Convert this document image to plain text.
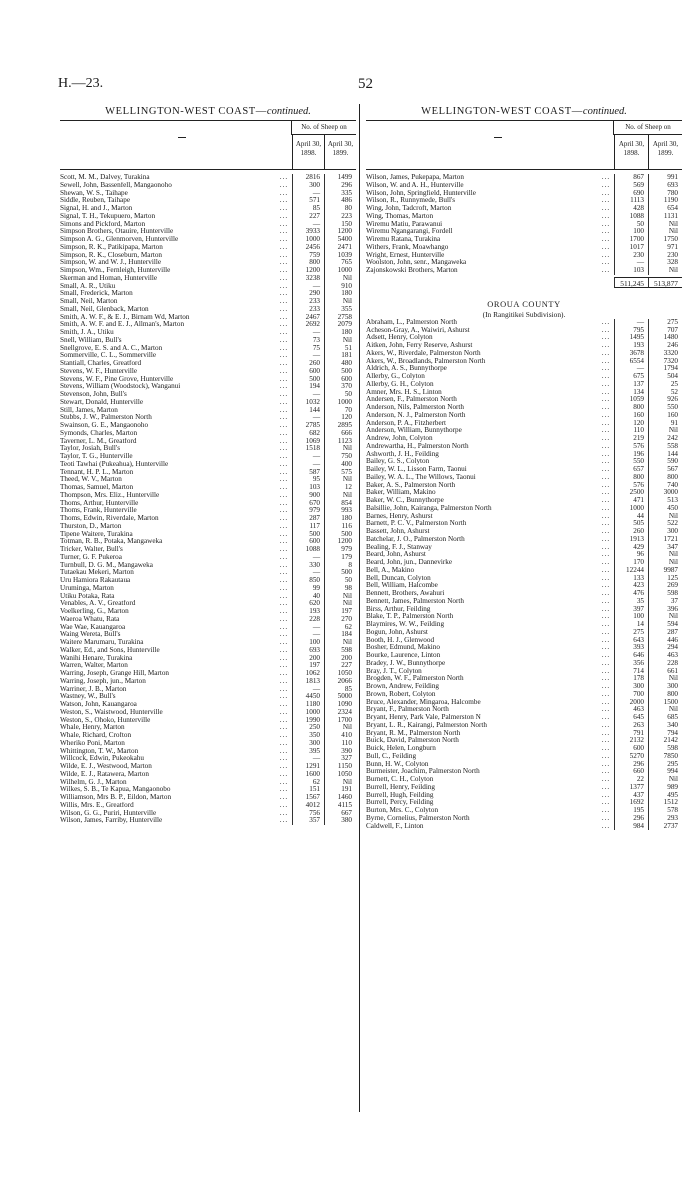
H.—23.	52
WELLINGTON-WEST COAST—continued.
No. of Sheep on
April 30, 1898.
April 30, 1899.
Scott, M. M., Dalvey, Turakina	...	2816	1499
Sewell, John, Bassenfell, Mangaonoho	...	300	296
Shewan, W. S., Taihape	...	—	335
Siddle, Reuben, Taihape	...	571	486
Signal, H. and J., Marton	...	85	80
Signal, T. H., Tekupuero, Marton	...	227	223
Simons and Pickford, Marton	...	—	150
Simpson Brothers, Otauire, Hunterville	...	3933	1200
Simpson A. G., Glenmorven, Hunterville	...	1000	5400
Simpson, R. K., Patikipapa, Marton	...	2456	2471
Simpson, R. K., Closeburn, Marton	...	759	1039
Simpson, W. and W. J., Hunterville	...	800	765
Simpson, Wm., Fernleigh, Hunterville	...	1200	1000
Skerman and Homan, Hunterville	...	3238	Nil
Small, A. R., Utiku	...	—	910
Small, Frederick, Marton	...	290	180
Small, Neil, Marton	...	233	Nil
Small, Neil, Glenback, Marton	...	233	355
Smith, A. W. F., & E. J., Birnam Wd, Marton	...	2467	2758
Smith, A. W. F. and E. J., Allman's, Marton	...	2692	2079
Smith, J. A., Utiku	...	—	180
Snell, William, Bull's	...	73	Nil
Snellgrove, E. S. and A. C., Marton	...	75	51
Sommerville, C. L., Sommerville	...	—	181
Stantiall, Charles, Greatford	...	260	480
Stevens, W. F., Hunterville	...	600	500
Stevens, W. F., Pine Grove, Hunterville	...	500	600
Stevens, William (Woodstock), Wanganui	...	194	370
Stevenson, John, Bull's	...	—	50
Stewart, Donald, Hunterville	...	1032	1000
Still, James, Marton	...	144	70
Stubbs, J. W., Palmerston North	...	—	120
Swainson, G. E., Mangaonoho	...	2785	2895
Symonds, Charles, Marton	...	682	666
Taverner, L. M., Greatford	...	1069	1123
Taylor, Josiah, Bull's	...	1518	Nil
Taylor, T. G., Hunterville	...	—	750
Teoti Tawhai (Pukeahua), Hunterville	...	—	400
Tennant, H. P. L., Marton	...	587	575
Theed, W. V., Marton	...	95	Nil
Thomas, Samuel, Marton	...	103	12
Thompson, Mrs. Eliz., Hunterville	...	900	Nil
Thoms, Arthur, Hunterville	...	670	854
Thoms, Frank, Hunterville	...	979	993
Thoms, Edwin, Riverdale, Marton	...	287	180
Thurston, D., Marton	...	117	116
Tipene Waitere, Turakina	...	500	500
Totman, R. B., Potaka, Mangaweka	...	600	1200
Tricker, Walter, Bull's	...	1088	979
Turner, G. F. Pukeroa	...	—	179
Turnbull, D. G. M., Mangaweka	...	330	8
Tutaekau Mekeri, Marton	...	—	500
Uru Hamiora Rakautaua	...	850	50
Uruminga, Marton	...	99	98
Utiku Potaka, Rata	...	40	Nil
Venables, A. V., Greatford	...	620	Nil
Voelkerling, G., Marton	...	193	197
Waeroa Whatu, Rata	...	228	270
Wae Wae, Kauangaroa	...	—	62
Waing Wereta, Bull's	...	—	184
Waitere Marumaru, Turakina	...	100	Nil
Walker, Ed., and Sons, Hunterville	...	693	598
Wanihi Henare, Turakina	...	200	200
Warren, Walter, Marton	...	197	227
Warring, Joseph, Grange Hill, Marton	...	1062	1050
Warring, Joseph, jun., Marton	...	1813	2066
Warriner, J. B., Marton	...	—	85
Wastney, W., Bull's	...	4450	5000
Watson, John, Kauangaroa	...	1180	1090
Weston, S., Waistwood, Hunterville	...	1000	2324
Weston, S., Ohoko, Hunterville	...	1990	1700
Whale, Henry, Marton	...	250	Nil
Whale, Richard, Crofton	...	350	410
Wheriko Poni, Marton	...	300	110
Whittington, T. W., Marton	...	395	390
Willcock, Edwin, Pukeokahu	...	—	327
Wilde, E. J., Westwood, Marton	...	1291	1150
Wilde, E. J., Ratawera, Marton	...	1600	1050
Wilhelm, G. J., Marton	...	62	Nil
Wilkes, S. B., Te Kapua, Mangaonobo	...	151	191
Williamson, Mrs B. P., Eildon, Marton	...	1567	1460
Willis, Mrs. E., Greatford	...	4012	4115
Wilson, G. G., Puriri, Hunterville	...	756	667
Wilson, James, Farriby, Hunterville	...	357	380
WELLINGTON-WEST COAST—continued.
No. of Sheep on
April 30, 1898.
April 30, 1899.
Wilson, James, Pukepapa, Marton	...	867	991
Wilson, W. and A. H., Hunterville	...	569	693
Wilson, John, Springfield, Hunterville	...	690	780
Wilson, R., Runnymede, Bull's	...	1113	1190
Wing, John, Tadcroft, Marton	...	428	654
Wing, Thomas, Marton	...	1088	1131
Wiremu Matiu, Parawanui	...	50	Nil
Wiremu Ngangarangi, Fordell	...	100	Nil
Wiremu Ratana, Turakina	...	1700	1750
Withers, Frank, Moawhango	...	1017	971
Wright, Ernest, Hunterville	...	230	230
Woolston, John, senr., Mangaweka	...	—	328
Zajonskowski Brothers, Marton	...	103	Nil
511,245	513,877
OROUA COUNTY
(In Rangitikei Subdivision).
Abraham, L., Palmerston North	...	—	275
Acheson-Gray, A., Waiwiri, Ashurst	...	795	707
Adsett, Henry, Colyton	...	1495	1480
Aitken, John, Ferry Reserve, Ashurst	...	193	246
Akers, W., Riverdale, Palmerston North	...	3678	3320
Akers, W., Broadlands, Palmerston North	...	6554	7320
Aldrich, A. S., Bunnythorpe	...	—	1794
Allerby, G., Colyton	...	675	504
Allerby, G. H., Colyton	...	137	25
Amner, Mrs. H. S., Linton	...	134	52
Andersen, F., Palmerston North	...	1059	926
Anderson, Nils, Palmerston North	...	800	550
Anderson, N. J., Palmerston North	...	160	160
Anderson, P. A., Fitzherbert	...	120	91
Anderson, William, Bunnythorpe	...	110	Nil
Andrew, John, Colyton	...	219	242
Andrewartha, H., Palmerston North	...	576	558
Ashworth, J. H., Feilding	...	196	144
Bailey, G. S., Colyton	...	550	590
Bailey, W. L., Lisson Farm, Taonui	...	657	567
Bailey, W. A. L., The Willows, Taonui	...	800	800
Baker, A. S., Palmerston North	...	576	740
Baker, William, Makino	...	2500	3000
Baker, W. C., Bunnythorpe	...	471	513
Balsillie, John, Kairanga, Palmerston North	...	1000	450
Barnes, Henry, Ashurst	...	44	Nil
Barnett, P. C. V., Palmerston North	...	505	522
Bassett, John, Ashurst	...	260	300
Batchelar, J. O., Palmerston North	...	1913	1721
Bealing, F. J., Stanway	...	429	347
Beard, John, Ashurst	...	96	Nil
Beard, John, jun., Dannevirke	...	170	Nil
Bell, A., Makino	...	12244	9987
Bell, Duncan, Colyton	...	133	125
Bell, William, Halcombe	...	423	269
Bennett, Brothers, Awahuri	...	476	598
Bennett, James, Palmerston North	...	35	37
Birss, Arthur, Feilding	...	397	396
Blake, T. P., Palmerston North	...	100	Nil
Blaymires, W. W., Feilding	...	14	594
Bogun, John, Ashurst	...	275	287
Booth, H. J., Glenwood	...	643	446
Bosher, Edmund, Makino	...	393	294
Bourke, Laurence, Linton	...	646	463
Bradey, J. W., Bunnythorpe	...	356	228
Bray, J. T., Colyton	...	714	661
Brogden, W. F., Palmerston North	...	178	Nil
Brown, Andrew, Feilding	...	300	300
Brown, Robert, Colyton	...	700	800
Bruce, Alexander, Mingaroa, Halcombe	...	2000	1500
Bryant, F., Palmerston North	...	463	Nil
Bryant, Henry, Park Vale, Palmerston N	...	645	685
Bryant, L. R., Kairangi, Palmerston North	...	263	340
Bryant, R. M., Palmerston North	...	791	794
Buick, David, Palmerston North	...	2132	2142
Buick, Helen, Longburn	...	600	598
Bull, C., Feilding	...	5270	7850
Bunn, H. W., Colyton	...	296	295
Burmeister, Joachim, Palmerston North	...	660	994
Burnett, C. H., Colyton	...	22	Nil
Burrell, Henry, Feilding	...	1377	989
Burrell, Hugh, Feilding	...	437	495
Burrell, Percy, Feilding	...	1692	1512
Burton, Mrs. C., Colyton	...	195	578
Byrne, Cornelius, Palmerston North	...	296	293
Caldwell, F., Linton	...	984	2737
